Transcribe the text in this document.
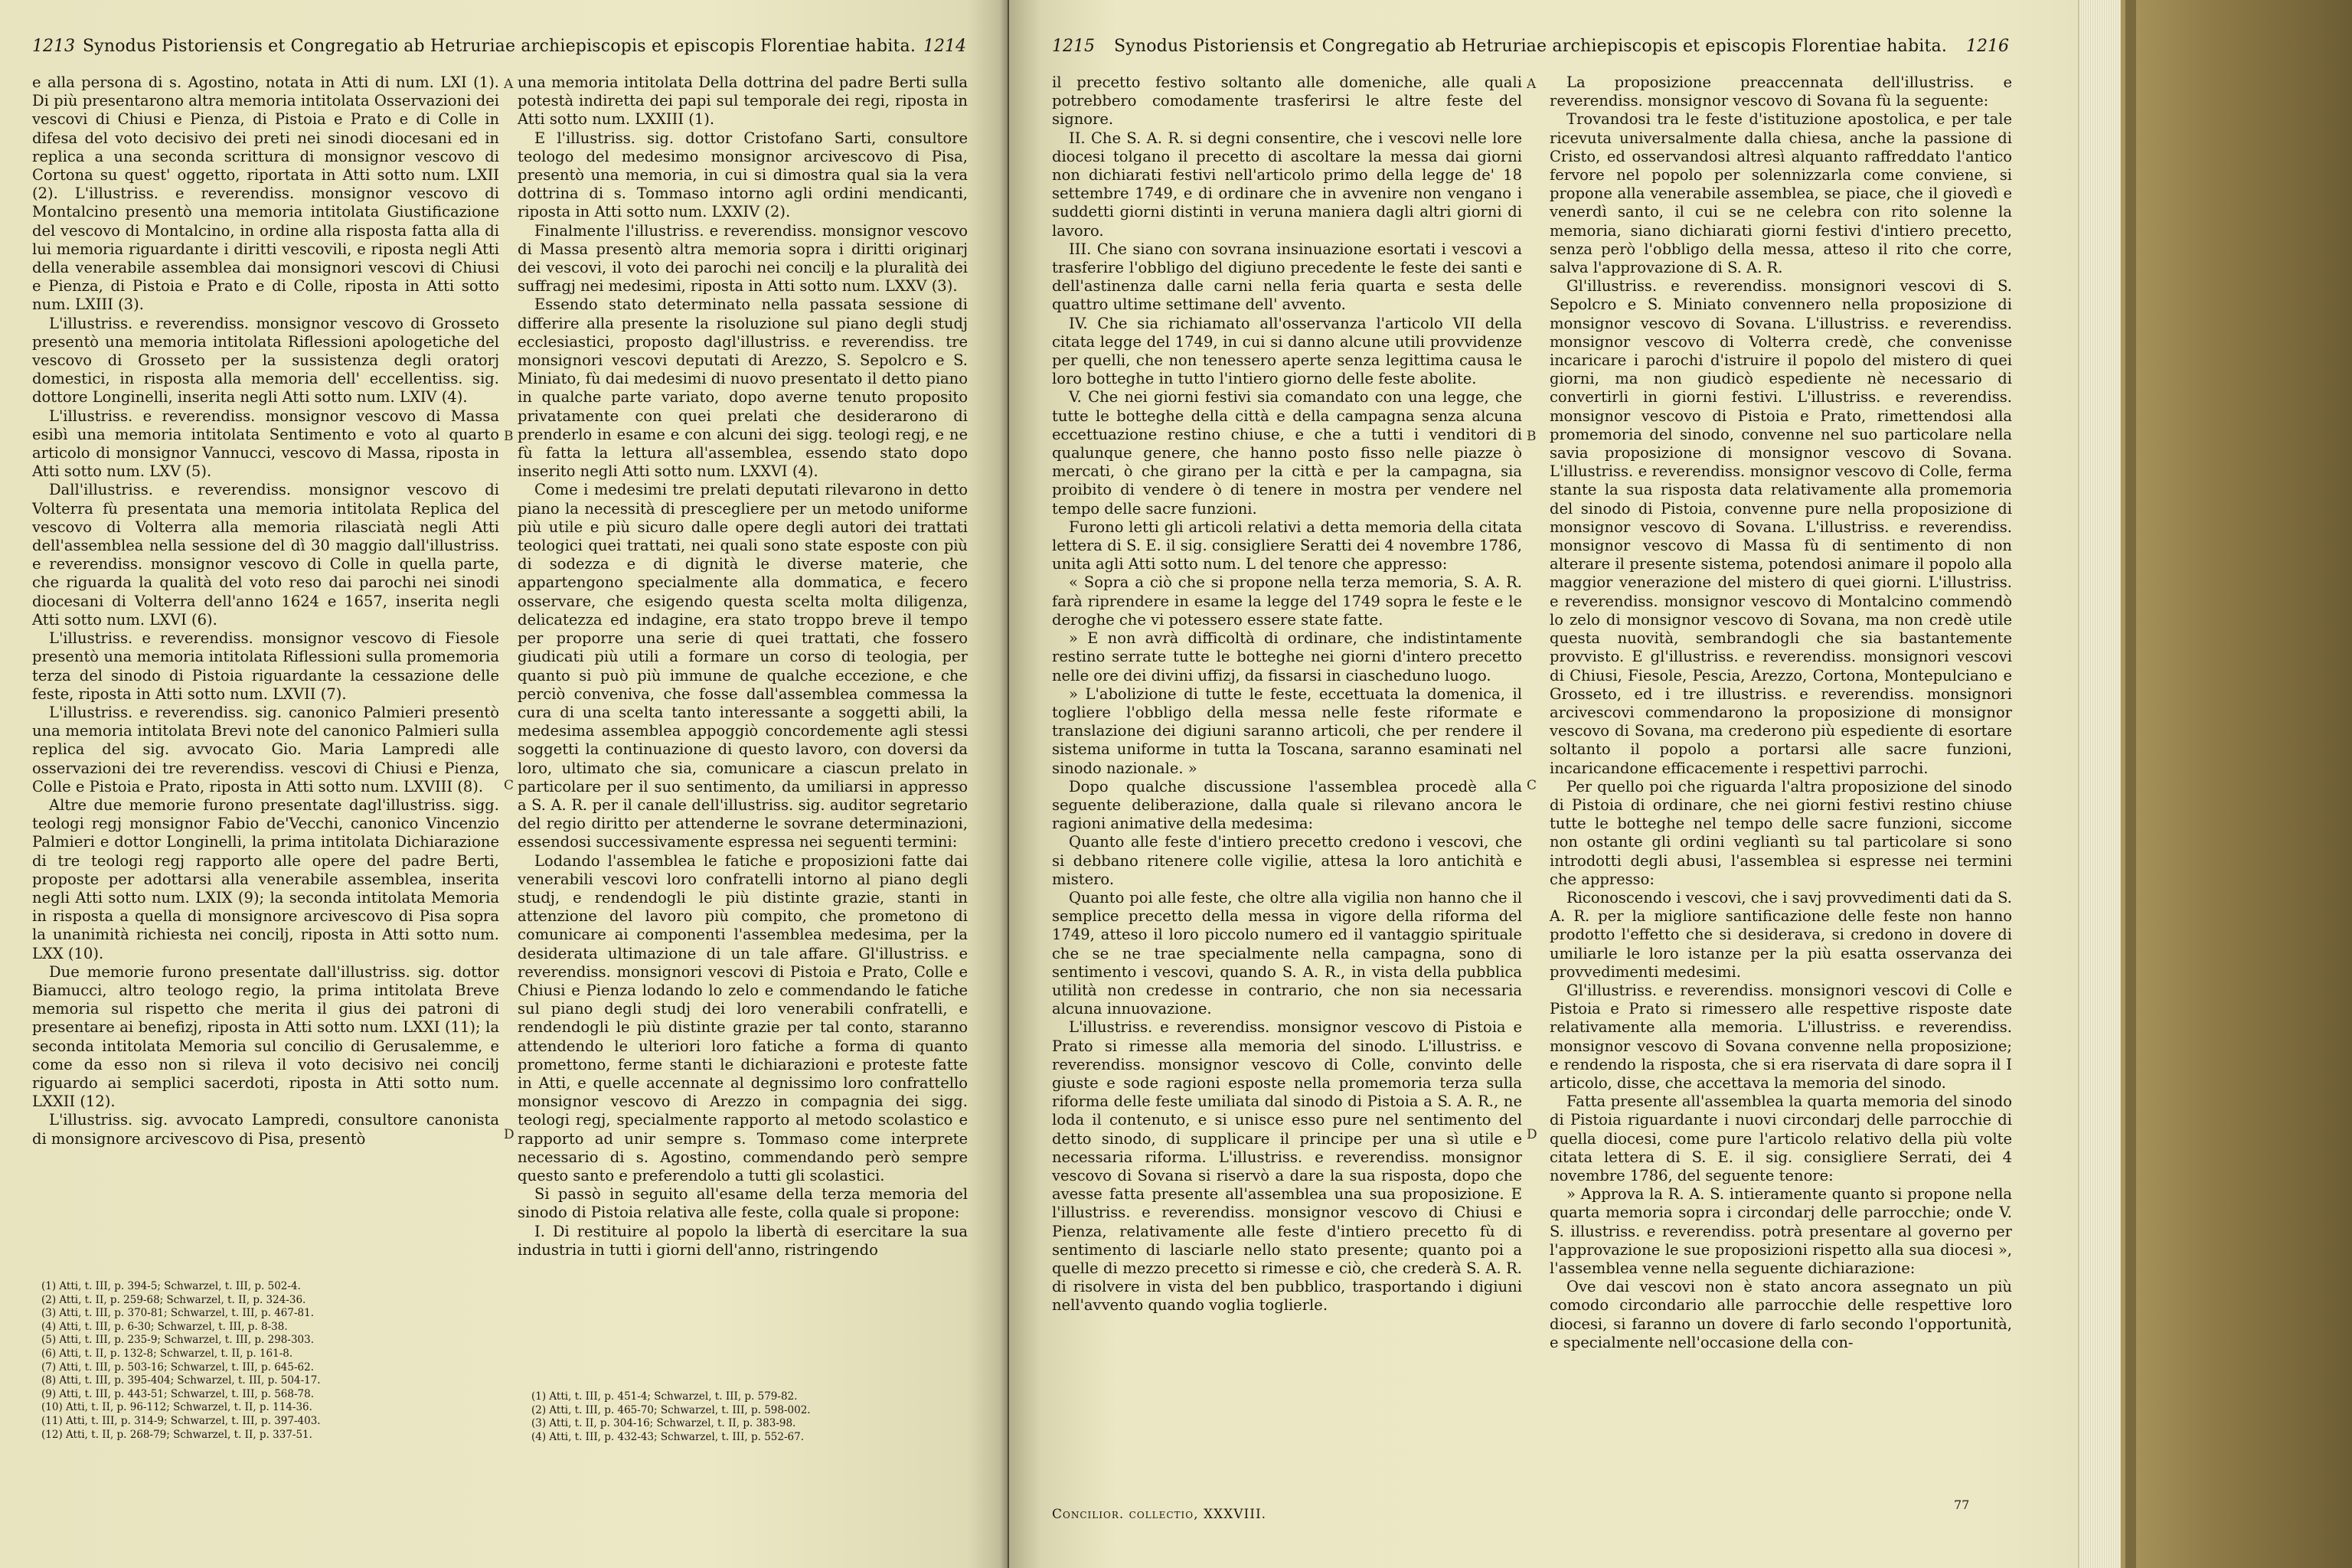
1213 Synodus Pistoriensis et Congregatio ab Hetruriae archiepiscopis et episcopis Florentiae habita. 1214

e alla persona di s. Agostino, notata in Atti di num. LXI (1). Di più presentarono altra memoria intitolata Osservazioni dei vescovi di Chiusi e Pienza, di Pistoia e Prato e di Colle in difesa del voto decisivo dei preti nei sinodi diocesani ed in replica a una seconda scrittura di monsignor vescovo di Cortona su quest' oggetto, riportata in Atti sotto num. LXII (2). L'illustriss. e reverendiss. monsignor vescovo di Montalcino presentò una memoria intitolata Giustificazione del vescovo di Montalcino, in ordine alla risposta fatta alla di lui memoria riguardante i diritti vescovili, e riposta negli Atti della venerabile assemblea dai monsignori vescovi di Chiusi e Pienza, di Pistoia e Prato e di Colle, riposta in Atti sotto num. LXIII (3).

L'illustriss. e reverendiss. monsignor vescovo di Grosseto presentò una memoria intitolata Riflessioni apologetiche del vescovo di Grosseto per la sussistenza degli oratorj domestici, in risposta alla memoria dell' eccellentiss. sig. dottore Longinelli, inserita negli Atti sotto num. LXIV (4).

L'illustriss. e reverendiss. monsignor vescovo di Massa esibì una memoria intitolata Sentimento e voto al quarto articolo di monsignor Vannucci, vescovo di Massa, riposta in Atti sotto num. LXV (5).

Dall'illustriss. e reverendiss. monsignor vescovo di Volterra fù presentata una memoria intitolata Replica del vescovo di Volterra alla memoria rilasciatà negli Atti dell'assemblea nella sessione del dì 30 maggio dall'illustriss. e reverendiss. monsignor vescovo di Colle in quella parte, che riguarda la qualità del voto reso dai parochi nei sinodi diocesani di Volterra dell'anno 1624 e 1657, inserita negli Atti sotto num. LXVI (6).

L'illustriss. e reverendiss. monsignor vescovo di Fiesole presentò una memoria intitolata Riflessioni sulla promemoria terza del sinodo di Pistoia riguardante la cessazione delle feste, riposta in Atti sotto num. LXVII (7).

L'illustriss. e reverendiss. sig. canonico Palmieri presentò una memoria intitolata Brevi note del canonico Palmieri sulla replica del sig. avvocato Gio. Maria Lampredi alle osservazioni dei tre reverendiss. vescovi di Chiusi e Pienza, Colle e Pistoia e Prato, riposta in Atti sotto num. LXVIII (8).

Altre due memorie furono presentate dagl'illustriss. sigg. teologi regj monsignor Fabio de'Vecchi, canonico Vincenzio Palmieri e dottor Longinelli, la prima intitolata Dichiarazione di tre teologi regj rapporto alle opere del padre Berti, proposte per adottarsi alla venerabile assemblea, inserita negli Atti sotto num. LXIX (9); la seconda intitolata Memoria in risposta a quella di monsignore arcivescovo di Pisa sopra la unanimità richiesta nei concilj, riposta in Atti sotto num. LXX (10).

Due memorie furono presentate dall'illustriss. sig. dottor Biamucci, altro teologo regio, la prima intitolata Breve memoria sul rispetto che merita il gius dei patroni di presentare ai benefizj, riposta in Atti sotto num. LXXI (11); la seconda intitolata Memoria sul concilio di Gerusalemme, e come da esso non si rileva il voto decisivo nei concilj riguardo ai semplici sacerdoti, riposta in Atti sotto num. LXXII (12).

L'illustriss. sig. avvocato Lampredi, consultore canonista di monsignore arcivescovo di Pisa, presentò

A
B
C
D

una memoria intitolata Della dottrina del padre Berti sulla potestà indiretta dei papi sul temporale dei regi, riposta in Atti sotto num. LXXIII (1).

E l'illustriss. sig. dottor Cristofano Sarti, consultore teologo del medesimo monsignor arcivescovo di Pisa, presentò una memoria, in cui si dimostra qual sia la vera dottrina di s. Tommaso intorno agli ordini mendicanti, riposta in Atti sotto num. LXXIV (2).

Finalmente l'illustriss. e reverendiss. monsignor vescovo di Massa presentò altra memoria sopra i diritti originarj dei vescovi, il voto dei parochi nei concilj e la pluralità dei suffragj nei medesimi, riposta in Atti sotto num. LXXV (3).

Essendo stato determinato nella passata sessione di differire alla presente la risoluzione sul piano degli studj ecclesiastici, proposto dagl'illustriss. e reverendiss. tre monsignori vescovi deputati di Arezzo, S. Sepolcro e S. Miniato, fù dai medesimi di nuovo presentato il detto piano in qualche parte variato, dopo averne tenuto proposito privatamente con quei prelati che desiderarono di prenderlo in esame e con alcuni dei sigg. teologi regj, e ne fù fatta la lettura all'assemblea, essendo stato dopo inserito negli Atti sotto num. LXXVI (4).

Come i medesimi tre prelati deputati rilevarono in detto piano la necessità di prescegliere per un metodo uniforme più utile e più sicuro dalle opere degli autori dei trattati teologici quei trattati, nei quali sono state esposte con più di sodezza e di dignità le diverse materie, che appartengono specialmente alla dommatica, e fecero osservare, che esigendo questa scelta molta diligenza, delicatezza ed indagine, era stato troppo breve il tempo per proporre una serie di quei trattati, che fossero giudicati più utili a formare un corso di teologia, per quanto si può più immune de qualche eccezione, e che perciò conveniva, che fosse dall'assemblea commessa la cura di una scelta tanto interessante a soggetti abili, la medesima assemblea appoggiò concordemente agli stessi soggetti la continuazione di questo lavoro, con doversi da loro, ultimato che sia, comunicare a ciascun prelato in particolare per il suo sentimento, da umiliarsi in appresso a S. A. R. per il canale dell'illustriss. sig. auditor segretario del regio diritto per attenderne le sovrane determinazioni, essendosi successivamente espressa nei seguenti termini:

Lodando l'assemblea le fatiche e proposizioni fatte dai venerabili vescovi loro confratelli intorno al piano degli studj, e rendendogli le più distinte grazie, stanti in attenzione del lavoro più compito, che prometono di comunicare ai componenti l'assemblea medesima, per la desiderata ultimazione di un tale affare. Gl'illustriss. e reverendiss. monsignori vescovi di Pistoia e Prato, Colle e Chiusi e Pienza lodando lo zelo e commendando le fatiche sul piano degli studj dei loro venerabili confratelli, e rendendogli le più distinte grazie per tal conto, staranno attendendo le ulteriori loro fatiche a forma di quanto promettono, ferme stanti le dichiarazioni e proteste fatte in Atti, e quelle accennate al degnissimo loro confrattello monsignor vescovo di Arezzo in compagnia dei sigg. teologi regj, specialmente rapporto al metodo scolastico e rapporto ad unir sempre s. Tommaso come interprete necessario di s. Agostino, commendando però sempre questo santo e preferendolo a tutti gli scolastici.

Si passò in seguito all'esame della terza memoria del sinodo di Pistoia relativa alle feste, colla quale si propone:

I. Di restituire al popolo la libertà di esercitare la sua industria in tutti i giorni dell'anno, ristringendo

(1) Atti, t. III, p. 394-5; Schwarzel, t. III, p. 502-4.
(2) Atti, t. II, p. 259-68; Schwarzel, t. II, p. 324-36.
(3) Atti, t. III, p. 370-81; Schwarzel, t. III, p. 467-81.
(4) Atti, t. III, p. 6-30; Schwarzel, t. III, p. 8-38.
(5) Atti, t. III, p. 235-9; Schwarzel, t. III, p. 298-303.
(6) Atti, t. II, p. 132-8; Schwarzel, t. II, p. 161-8.
(7) Atti, t. III, p. 503-16; Schwarzel, t. III, p. 645-62.
(8) Atti, t. III, p. 395-404; Schwarzel, t. III, p. 504-17.
(9) Atti, t. III, p. 443-51; Schwarzel, t. III, p. 568-78.
(10) Atti, t. II, p. 96-112; Schwarzel, t. II, p. 114-36.
(11) Atti, t. III, p. 314-9; Schwarzel, t. III, p. 397-403.
(12) Atti, t. II, p. 268-79; Schwarzel, t. II, p. 337-51.
(1) Atti, t. III, p. 451-4; Schwarzel, t. III, p. 579-82.
(2) Atti, t. III, p. 465-70; Schwarzel, t. III, p. 598-002.
(3) Atti, t. II, p. 304-16; Schwarzel, t. II, p. 383-98.
(4) Atti, t. III, p. 432-43; Schwarzel, t. III, p. 552-67.
1215	Synodus Pistoriensis et Congregatio ab Hetruriae archiepiscopis et episcopis Florentiae habita.	1216

il precetto festivo soltanto alle domeniche, alle quali potrebbero comodamente trasferirsi le altre feste del signore.

II. Che S. A. R. si degni consentire, che i vescovi nelle lore diocesi tolgano il precetto di ascoltare la messa dai giorni non dichiarati festivi nell'articolo primo della legge de' 18 settembre 1749, e di ordinare che in avvenire non vengano i suddetti giorni distinti in veruna maniera dagli altri giorni di lavoro.

III. Che siano con sovrana insinuazione esortati i vescovi a trasferire l'obbligo del digiuno precedente le feste dei santi e dell'astinenza dalle carni nella feria quarta e sesta delle quattro ultime settimane dell' avvento.

IV. Che sia richiamato all'osservanza l'articolo VII della citata legge del 1749, in cui si danno alcune utili provvidenze per quelli, che non tenessero aperte senza legittima causa le loro botteghe in tutto l'intiero giorno delle feste abolite.

V. Che nei giorni festivi sia comandato con una legge, che tutte le botteghe della città e della campagna senza alcuna eccettuazione restino chiuse, e che a tutti i venditori di qualunque genere, che hanno posto fisso nelle piazze ò mercati, ò che girano per la città e per la campagna, sia proibito di vendere ò di tenere in mostra per vendere nel tempo delle sacre funzioni.

Furono letti gli articoli relativi a detta memoria della citata lettera di S. E. il sig. consigliere Seratti dei 4 novembre 1786, unita agli Atti sotto num. L del tenore che appresso:

« Sopra a ciò che si propone nella terza memoria, S. A. R. farà riprendere in esame la legge del 1749 sopra le feste e le deroghe che vi potessero essere state fatte.

» E non avrà difficoltà di ordinare, che indistintamente restino serrate tutte le botteghe nei giorni d'intero precetto nelle ore dei divini uffizj, da fissarsi in ciascheduno luogo.

» L'abolizione di tutte le feste, eccettuata la domenica, il togliere l'obbligo della messa nelle feste riformate e translazione dei digiuni saranno articoli, che per rendere il sistema uniforme in tutta la Toscana, saranno esaminati nel sinodo nazionale. »

Dopo qualche discussione l'assemblea procedè alla seguente deliberazione, dalla quale si rilevano ancora le ragioni animative della medesima:

Quanto alle feste d'intiero precetto credono i vescovi, che si debbano ritenere colle vigilie, attesa la loro antichità e mistero.

Quanto poi alle feste, che oltre alla vigilia non hanno che il semplice precetto della messa in vigore della riforma del 1749, atteso il loro piccolo numero ed il vantaggio spirituale che se ne trae specialmente nella campagna, sono di sentimento i vescovi, quando S. A. R., in vista della pubblica utilità non credesse in contrario, che non sia necessaria alcuna innuovazione.

L'illustriss. e reverendiss. monsignor vescovo di Pistoia e Prato si rimesse alla memoria del sinodo. L'illustriss. e reverendiss. monsignor vescovo di Colle, convinto delle giuste e sode ragioni esposte nella promemoria terza sulla riforma delle feste umiliata dal sinodo di Pistoia a S. A. R., ne loda il contenuto, e si unisce esso pure nel sentimento del detto sinodo, di supplicare il principe per una sì utile e necessaria riforma. L'illustriss. e reverendiss. monsignor vescovo di Sovana si riservò a dare la sua risposta, dopo che avesse fatta presente all'assemblea una sua proposizione. E l'illustriss. e reverendiss. monsignor vescovo di Chiusi e Pienza, relativamente alle feste d'intiero precetto fù di sentimento di lasciarle nello stato presente; quanto poi a quelle di mezzo precetto si rimesse e ciò, che crederà S. A. R. di risolvere in vista del ben pubblico, trasportando i digiuni nell'avvento quando voglia toglierle.

A
B
C
D

La proposizione preaccennata dell'illustriss. e reverendiss. monsignor vescovo di Sovana fù la seguente:

Trovandosi tra le feste d'istituzione apostolica, e per tale ricevuta universalmente dalla chiesa, anche la passione di Cristo, ed osservandosi altresì alquanto raffreddato l'antico fervore nel popolo per solennizzarla come conviene, si propone alla venerabile assemblea, se piace, che il giovedì e venerdì santo, il cui se ne celebra con rito solenne la memoria, siano dichiarati giorni festivi d'intiero precetto, senza però l'obbligo della messa, atteso il rito che corre, salva l'approvazione di S. A. R.

Gl'illustriss. e reverendiss. monsignori vescovi di S. Sepolcro e S. Miniato convennero nella proposizione di monsignor vescovo di Sovana. L'illustriss. e reverendiss. monsignor vescovo di Volterra credè, che convenisse incaricare i parochi d'istruire il popolo del mistero di quei giorni, ma non giudicò espediente nè necessario di convertirli in giorni festivi. L'illustriss. e reverendiss. monsignor vescovo di Pistoia e Prato, rimettendosi alla promemoria del sinodo, convenne nel suo particolare nella savia proposizione di monsignor vescovo di Sovana. L'illustriss. e reverendiss. monsignor vescovo di Colle, ferma stante la sua risposta data relativamente alla promemoria del sinodo di Pistoia, convenne pure nella proposizione di monsignor vescovo di Sovana. L'illustriss. e reverendiss. monsignor vescovo di Massa fù di sentimento di non alterare il presente sistema, potendosi animare il popolo alla maggior venerazione del mistero di quei giorni. L'illustriss. e reverendiss. monsignor vescovo di Montalcino commendò lo zelo di monsignor vescovo di Sovana, ma non credè utile questa nuovità, sembrandogli che sia bastantemente provvisto. E gl'illustriss. e reverendiss. monsignori vescovi di Chiusi, Fiesole, Pescia, Arezzo, Cortona, Montepulciano e Grosseto, ed i tre illustriss. e reverendiss. monsignori arcivescovi commendarono la proposizione di monsignor vescovo di Sovana, ma crederono più espediente di esortare soltanto il popolo a portarsi alle sacre funzioni, incaricandone efficacemente i respettivi parrochi.

Per quello poi che riguarda l'altra proposizione del sinodo di Pistoia di ordinare, che nei giorni festivi restino chiuse tutte le botteghe nel tempo delle sacre funzioni, siccome non ostante gli ordini vegliantì su tal particolare si sono introdotti degli abusi, l'assemblea si espresse nei termini che appresso:

Riconoscendo i vescovi, che i savj provvedimenti dati da S. A. R. per la migliore santificazione delle feste non hanno prodotto l'effetto che si desiderava, si credono in dovere di umiliarle le loro istanze per la più esatta osservanza dei provvedimenti medesimi.

Gl'illustriss. e reverendiss. monsignori vescovi di Colle e Pistoia e Prato si rimessero alle respettive risposte date relativamente alla memoria. L'illustriss. e reverendiss. monsignor vescovo di Sovana convenne nella proposizione; e rendendo la risposta, che si era riservata di dare sopra il I articolo, disse, che accettava la memoria del sinodo.

Fatta presente all'assemblea la quarta memoria del sinodo di Pistoia riguardante i nuovi circondarj delle parrocchie di quella diocesi, come pure l'articolo relativo della più volte citata lettera di S. E. il sig. consigliere Serrati, dei 4 novembre 1786, del seguente tenore:

» Approva la R. A. S. intieramente quanto si propone nella quarta memoria sopra i circondarj delle parrocchie; onde V. S. illustriss. e reverendiss. potrà presentare al governo per l'approvazione le sue proposizioni rispetto alla sua diocesi », l'assemblea venne nella seguente dichiarazione:

Ove dai vescovi non è stato ancora assegnato un più comodo circondario alle parrocchie delle respettive loro diocesi, si faranno un dovere di farlo secondo l'opportunità, e specialmente nell'occasione della con-

Concilior. collectio, XXXVIII.
77
